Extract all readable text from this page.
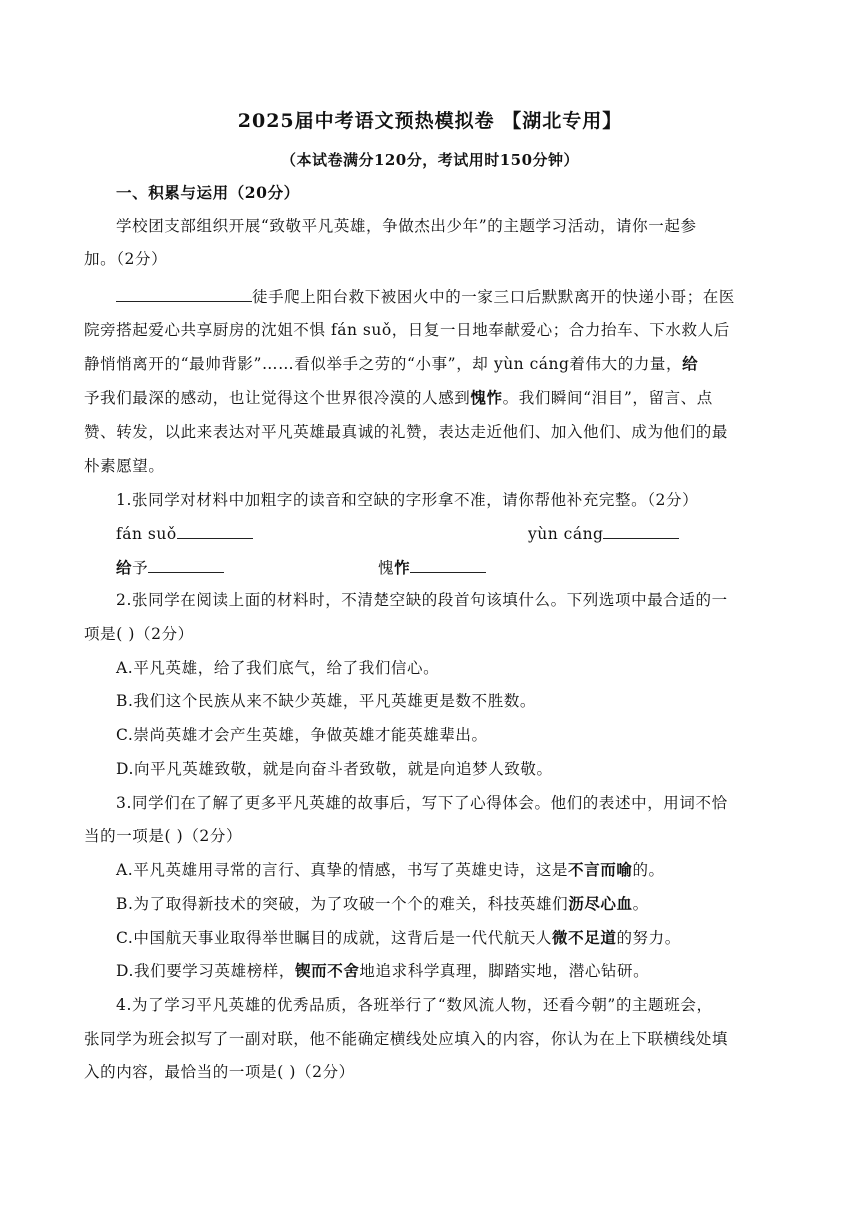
2025届中考语文预热模拟卷 【湖北专用】
（本试卷满分120分，考试用时150分钟）
一、积累与运用（20分）
学校团支部组织开展“致敬平凡英雄，争做杰出少年”的主题学习活动，请你一起参
加。（2分）
徒手爬上阳台救下被困火中的一家三口后默默离开的快递小哥；在医
院旁搭起爱心共享厨房的沈姐不惧 fán suǒ，日复一日地奉献爱心；合力抬车、下水救人后
静悄悄离开的“最帅背影”……看似举手之劳的“小事”，却 yùn cáng着伟大的力量，给
予我们最深的感动，也让觉得这个世界很冷漠的人感到愧怍。我们瞬间“泪目”，留言、点
赞、转发，以此来表达对平凡英雄最真诚的礼赞，表达走近他们、加入他们、成为他们的最
朴素愿望。
1.张同学对材料中加粗字的读音和空缺的字形拿不准，请你帮他补充完整。（2分）
fán suǒ	yùn cáng
给予	愧怍
2.张同学在阅读上面的材料时，不清楚空缺的段首句该填什么。下列选项中最合适的一
项是( )（2分）
A.平凡英雄，给了我们底气，给了我们信心。
B.我们这个民族从来不缺少英雄，平凡英雄更是数不胜数。
C.崇尚英雄才会产生英雄，争做英雄才能英雄辈出。
D.向平凡英雄致敬，就是向奋斗者致敬，就是向追梦人致敬。
3.同学们在了解了更多平凡英雄的故事后，写下了心得体会。他们的表述中，用词不恰
当的一项是( )（2分）
A.平凡英雄用寻常的言行、真挚的情感，书写了英雄史诗，这是不言而喻的。
B.为了取得新技术的突破，为了攻破一个个的难关，科技英雄们沥尽心血。
C.中国航天事业取得举世瞩目的成就，这背后是一代代航天人微不足道的努力。
D.我们要学习英雄榜样，锲而不舍地追求科学真理，脚踏实地，潜心钻研。
4.为了学习平凡英雄的优秀品质，各班举行了“数风流人物，还看今朝”的主题班会，
张同学为班会拟写了一副对联，他不能确定横线处应填入的内容，你认为在上下联横线处填
入的内容，最恰当的一项是( )（2分）
